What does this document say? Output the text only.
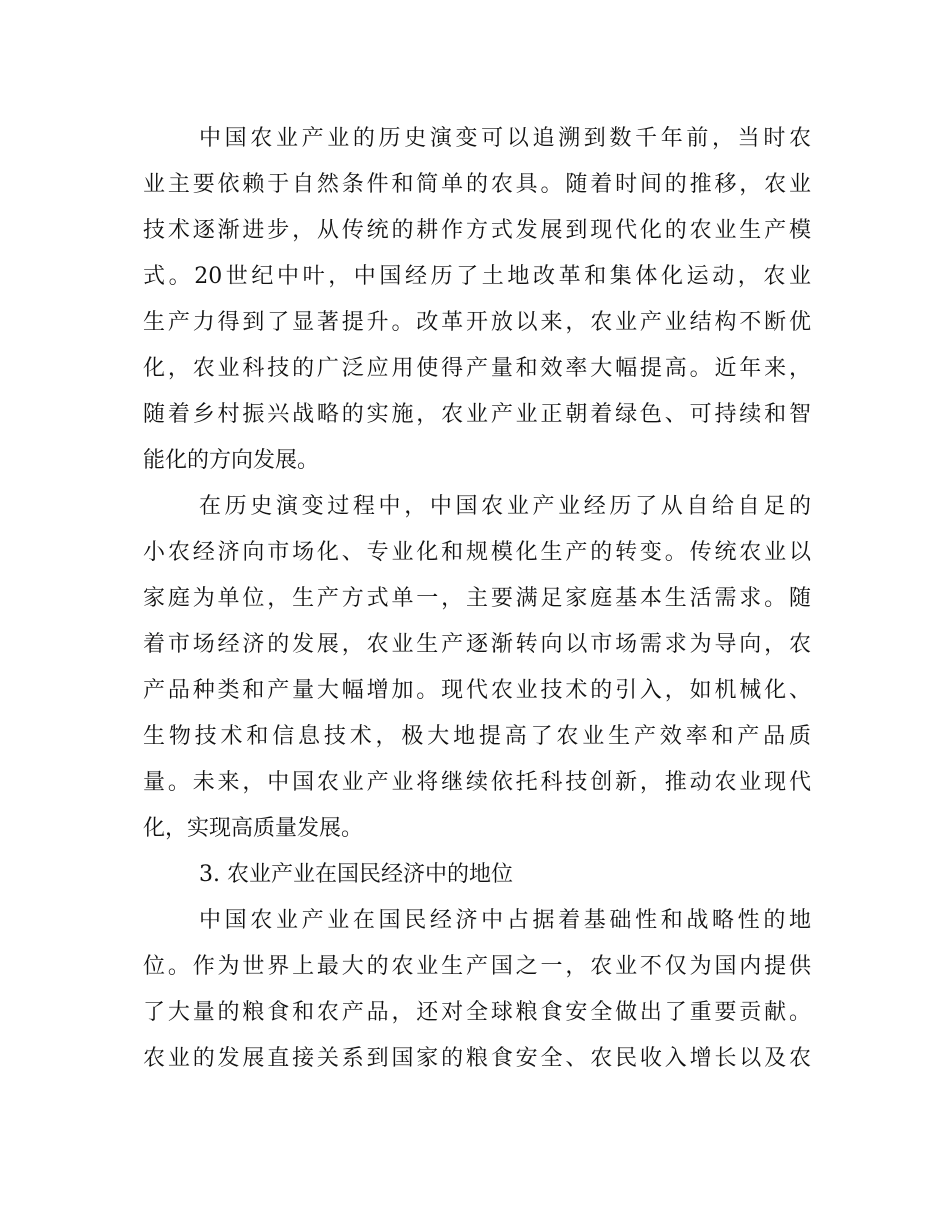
中国农业产业的历史演变可以追溯到数千年前，当时农
业主要依赖于自然条件和简单的农具。随着时间的推移，农业
技术逐渐进步，从传统的耕作方式发展到现代化的农业生产模
式。20世纪中叶，中国经历了土地改革和集体化运动，农业
生产力得到了显著提升。改革开放以来，农业产业结构不断优
化，农业科技的广泛应用使得产量和效率大幅提高。近年来，
随着乡村振兴战略的实施，农业产业正朝着绿色、可持续和智
能化的方向发展。
在历史演变过程中，中国农业产业经历了从自给自足的
小农经济向市场化、专业化和规模化生产的转变。传统农业以
家庭为单位，生产方式单一，主要满足家庭基本生活需求。随
着市场经济的发展，农业生产逐渐转向以市场需求为导向，农
产品种类和产量大幅增加。现代农业技术的引入，如机械化、
生物技术和信息技术，极大地提高了农业生产效率和产品质
量。未来，中国农业产业将继续依托科技创新，推动农业现代
化，实现高质量发展。
3. 农业产业在国民经济中的地位
中国农业产业在国民经济中占据着基础性和战略性的地
位。作为世界上最大的农业生产国之一，农业不仅为国内提供
了大量的粮食和农产品，还对全球粮食安全做出了重要贡献。
农业的发展直接关系到国家的粮食安全、农民收入增长以及农
